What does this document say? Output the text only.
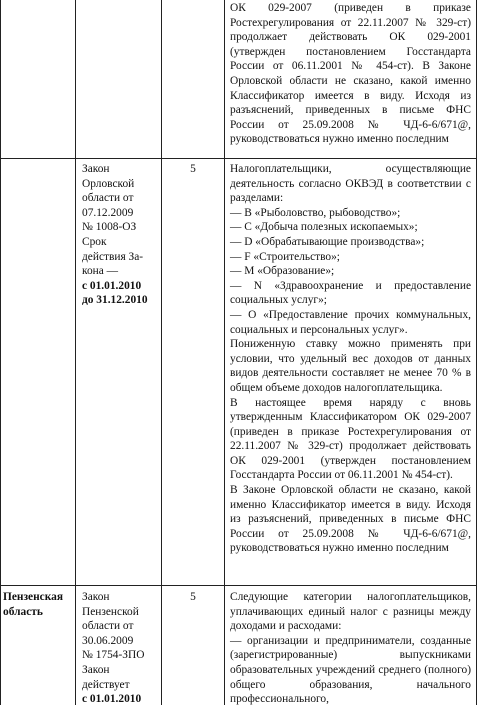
ОК 029-2007 (приведен в приказе Ростехрегулирования от 22.11.2007 № 329-ст) продолжает действовать ОК 029-2001 (утвержден постановлением Госстандарта России от 06.11.2001 № 454-ст). В Законе Орловской области не сказано, какой именно Классификатор имеется в виду. Исходя из разъяснений, приведенных в письме ФНС России от 25.09.2008 № ЧД-6-6/671@, руководствоваться нужно именно последним

Закон
Орловской
области от
07.12.2009
№ 1008-ОЗ
Срок
действия За-
кона —
с 01.01.2010
до 31.12.2010
5	Налогоплательщики, осуществляющие деятельность согласно ОКВЭД в соответствии с разделами:

— В «Рыболовство, рыбоводство»;

— С «Добыча полезных ископаемых»;

— D «Обрабатывающие производства»;

— F «Строительство»;

— M «Образование»;

— N «Здравоохранение и предоставление социальных услуг»;

— О «Предоставление прочих коммунальных, социальных и персональных услуг».

Пониженную ставку можно применять при условии, что удельный вес доходов от данных видов деятельности составляет не менее 70 % в общем объеме доходов налогоплательщика.

В настоящее время наряду с вновь утвержденным Классификатором ОК 029-2007 (приведен в приказе Ростехрегулирования от 22.11.2007 № 329-ст) продолжает действовать ОК 029-2001 (утвержден постановлением Госстандарта России от 06.11.2001 № 454-ст).

В Законе Орловской области не сказано, какой именно Классификатор имеется в виду. Исходя из разъяснений, приведенных в письме ФНС России от 25.09.2008 № ЧД-6-6/671@, руководствоваться нужно именно последним

Пензенская область
Закон
Пензенской
области от
30.06.2009
№ 1754-ЗПО
Закон
действует
с 01.01.2010
5	Следующие категории налогоплательщиков, уплачивающих единый налог с разницы между доходами и расходами:

— организации и предприниматели, созданные (зарегистрированные) выпускниками образовательных учреждений среднего (полного) общего образования, начального профессионального,
